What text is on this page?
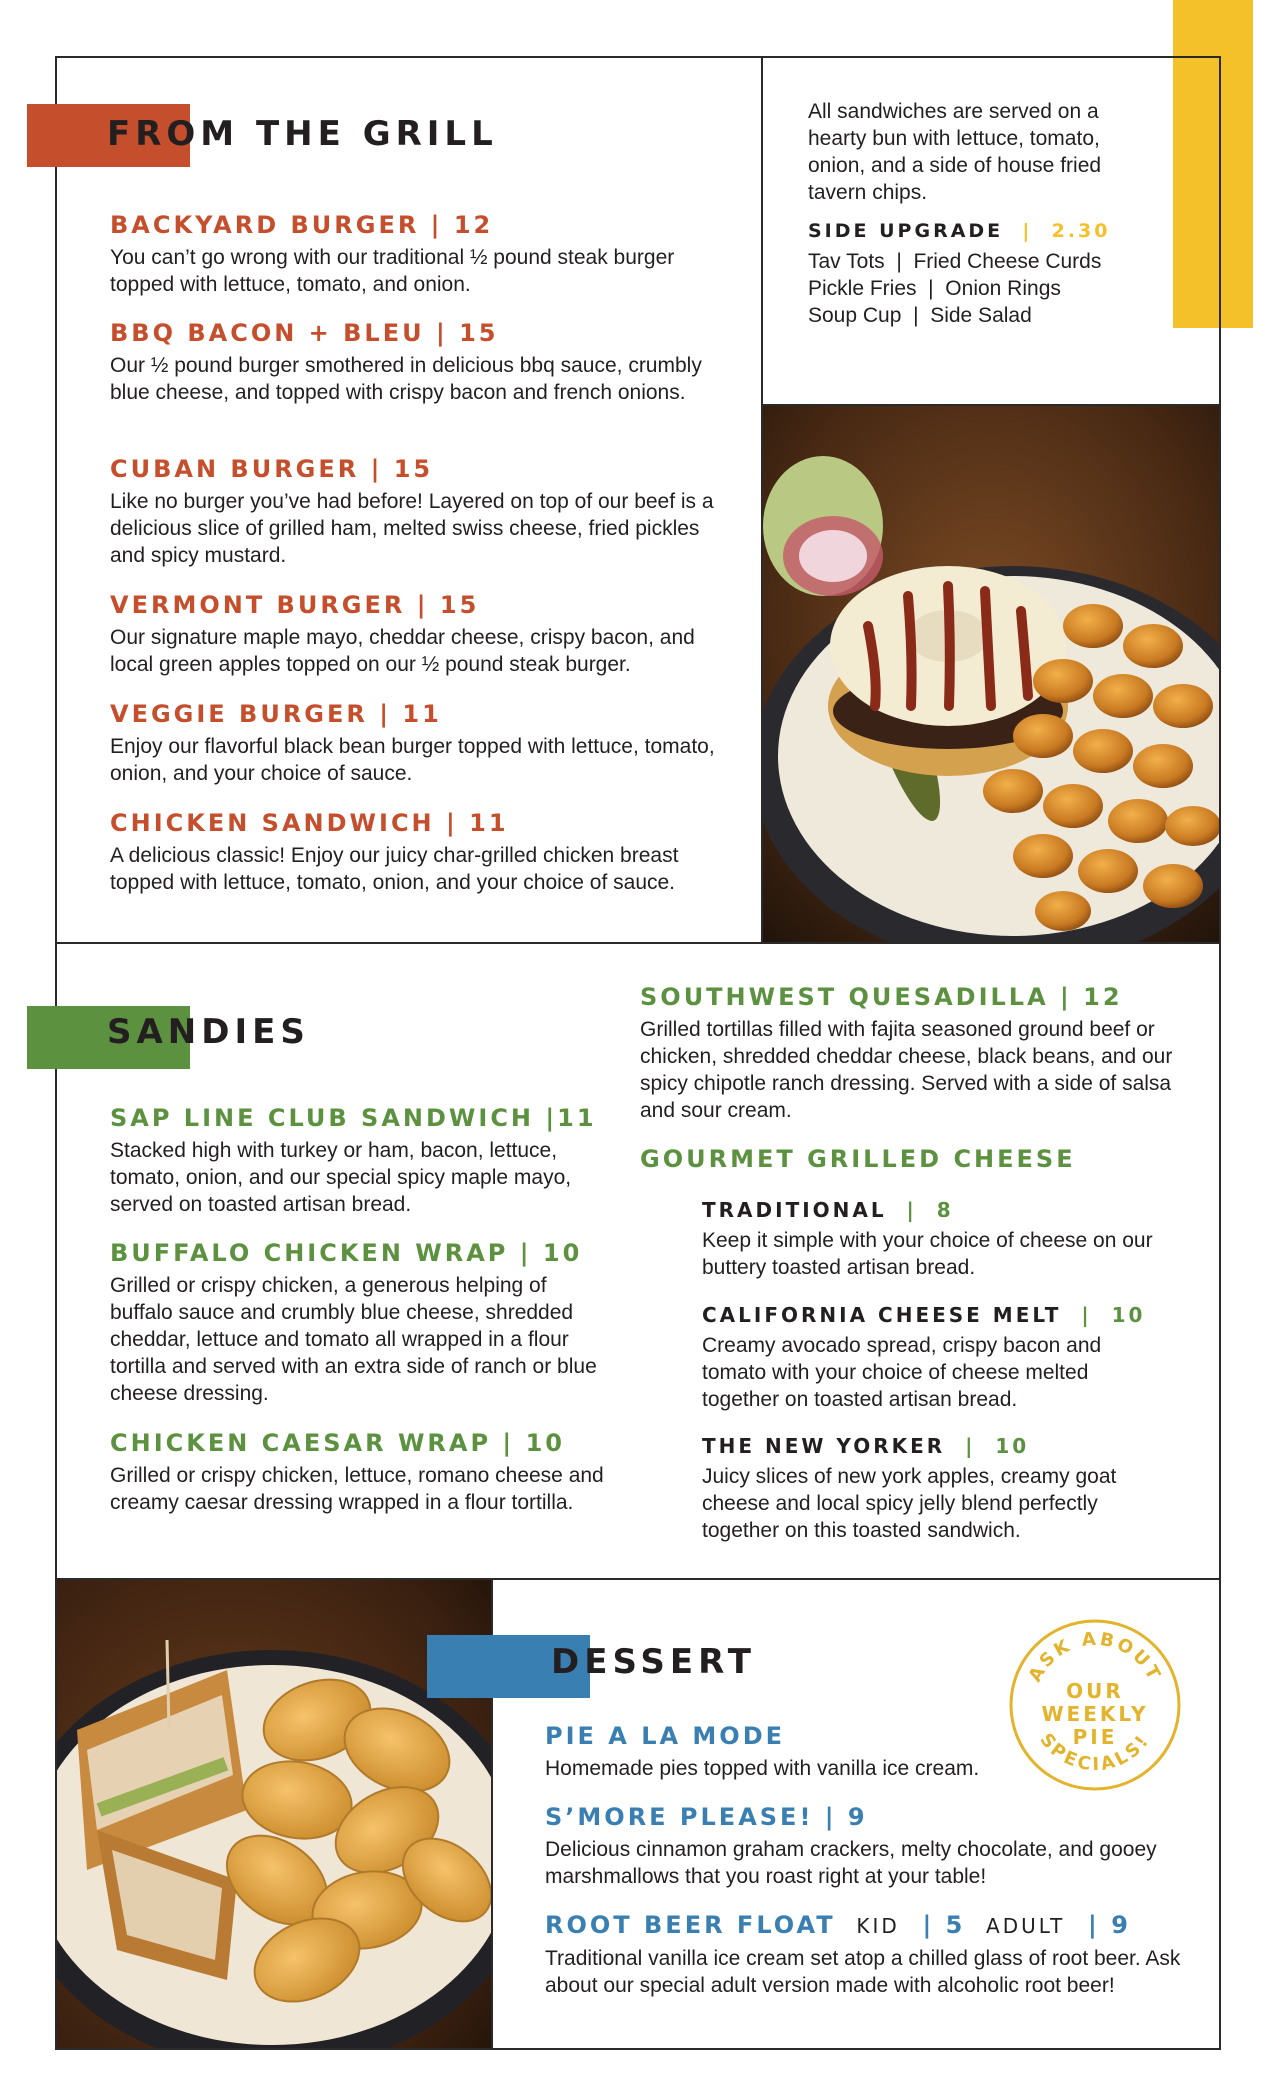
FROM THE GRILL
BACKYARD BURGER | 12
You can’t go wrong with our traditional ½ pound steak burger topped with lettuce, tomato, and onion.
BBQ BACON + BLEU | 15
Our ½ pound burger smothered in delicious bbq sauce, crumbly blue cheese, and topped with crispy bacon and french onions.
CUBAN BURGER | 15
Like no burger you’ve had before! Layered on top of our beef is a delicious slice of grilled ham, melted swiss cheese, fried pickles and spicy mustard.
VERMONT BURGER | 15
Our signature maple mayo, cheddar cheese, crispy bacon, and local green apples topped on our ½ pound steak burger.
VEGGIE BURGER | 11
Enjoy our flavorful black bean burger topped with lettuce, tomato, onion, and your choice of sauce.
CHICKEN SANDWICH | 11
A delicious classic! Enjoy our juicy char-grilled chicken breast topped with lettuce, tomato, onion, and your choice of sauce.
All sandwiches are served on a hearty bun with lettuce, tomato, onion, and a side of house fried tavern chips.
SIDE UPGRADE  |  2.30
Tav Tots  |  Fried Cheese Curds
Pickle Fries  |  Onion Rings
Soup Cup  |  Side Salad
SANDIES
SAP LINE CLUB SANDWICH |11
Stacked high with turkey or ham, bacon, lettuce, tomato, onion, and our special spicy maple mayo, served on toasted artisan bread.
BUFFALO CHICKEN WRAP | 10
Grilled or crispy chicken, a generous helping of buffalo sauce and crumbly blue cheese, shredded cheddar, lettuce and tomato all wrapped in a flour tortilla and served with an extra side of ranch or blue cheese dressing.
CHICKEN CAESAR WRAP | 10
Grilled or crispy chicken, lettuce, romano cheese and creamy caesar dressing wrapped in a flour tortilla.
SOUTHWEST QUESADILLA | 12
Grilled tortillas filled with fajita seasoned ground beef or chicken, shredded cheddar cheese, black beans, and our spicy chipotle ranch dressing. Served with a side of salsa and sour cream.
GOURMET GRILLED CHEESE
TRADITIONAL  |  8
Keep it simple with your choice of cheese on our buttery toasted artisan bread.
CALIFORNIA CHEESE MELT  |  10
Creamy avocado spread, crispy bacon and tomato with your choice of cheese melted together on toasted artisan bread.
THE NEW YORKER  |  10
Juicy slices of new york apples, creamy goat cheese and local spicy jelly blend perfectly together on this toasted sandwich.
DESSERT	ASK ABOUT
SPECIALS!
OUR
WEEKLY
PIE
PIE A LA MODE
Homemade pies topped with vanilla ice cream.
S’MORE PLEASE! | 9
Delicious cinnamon graham crackers, melty chocolate, and gooey marshmallows that you roast right at your table!
ROOT BEER FLOAT KID  | 5 ADULT  | 9
Traditional vanilla ice cream set atop a chilled glass of root beer. Ask about our special adult version made with alcoholic root beer!
